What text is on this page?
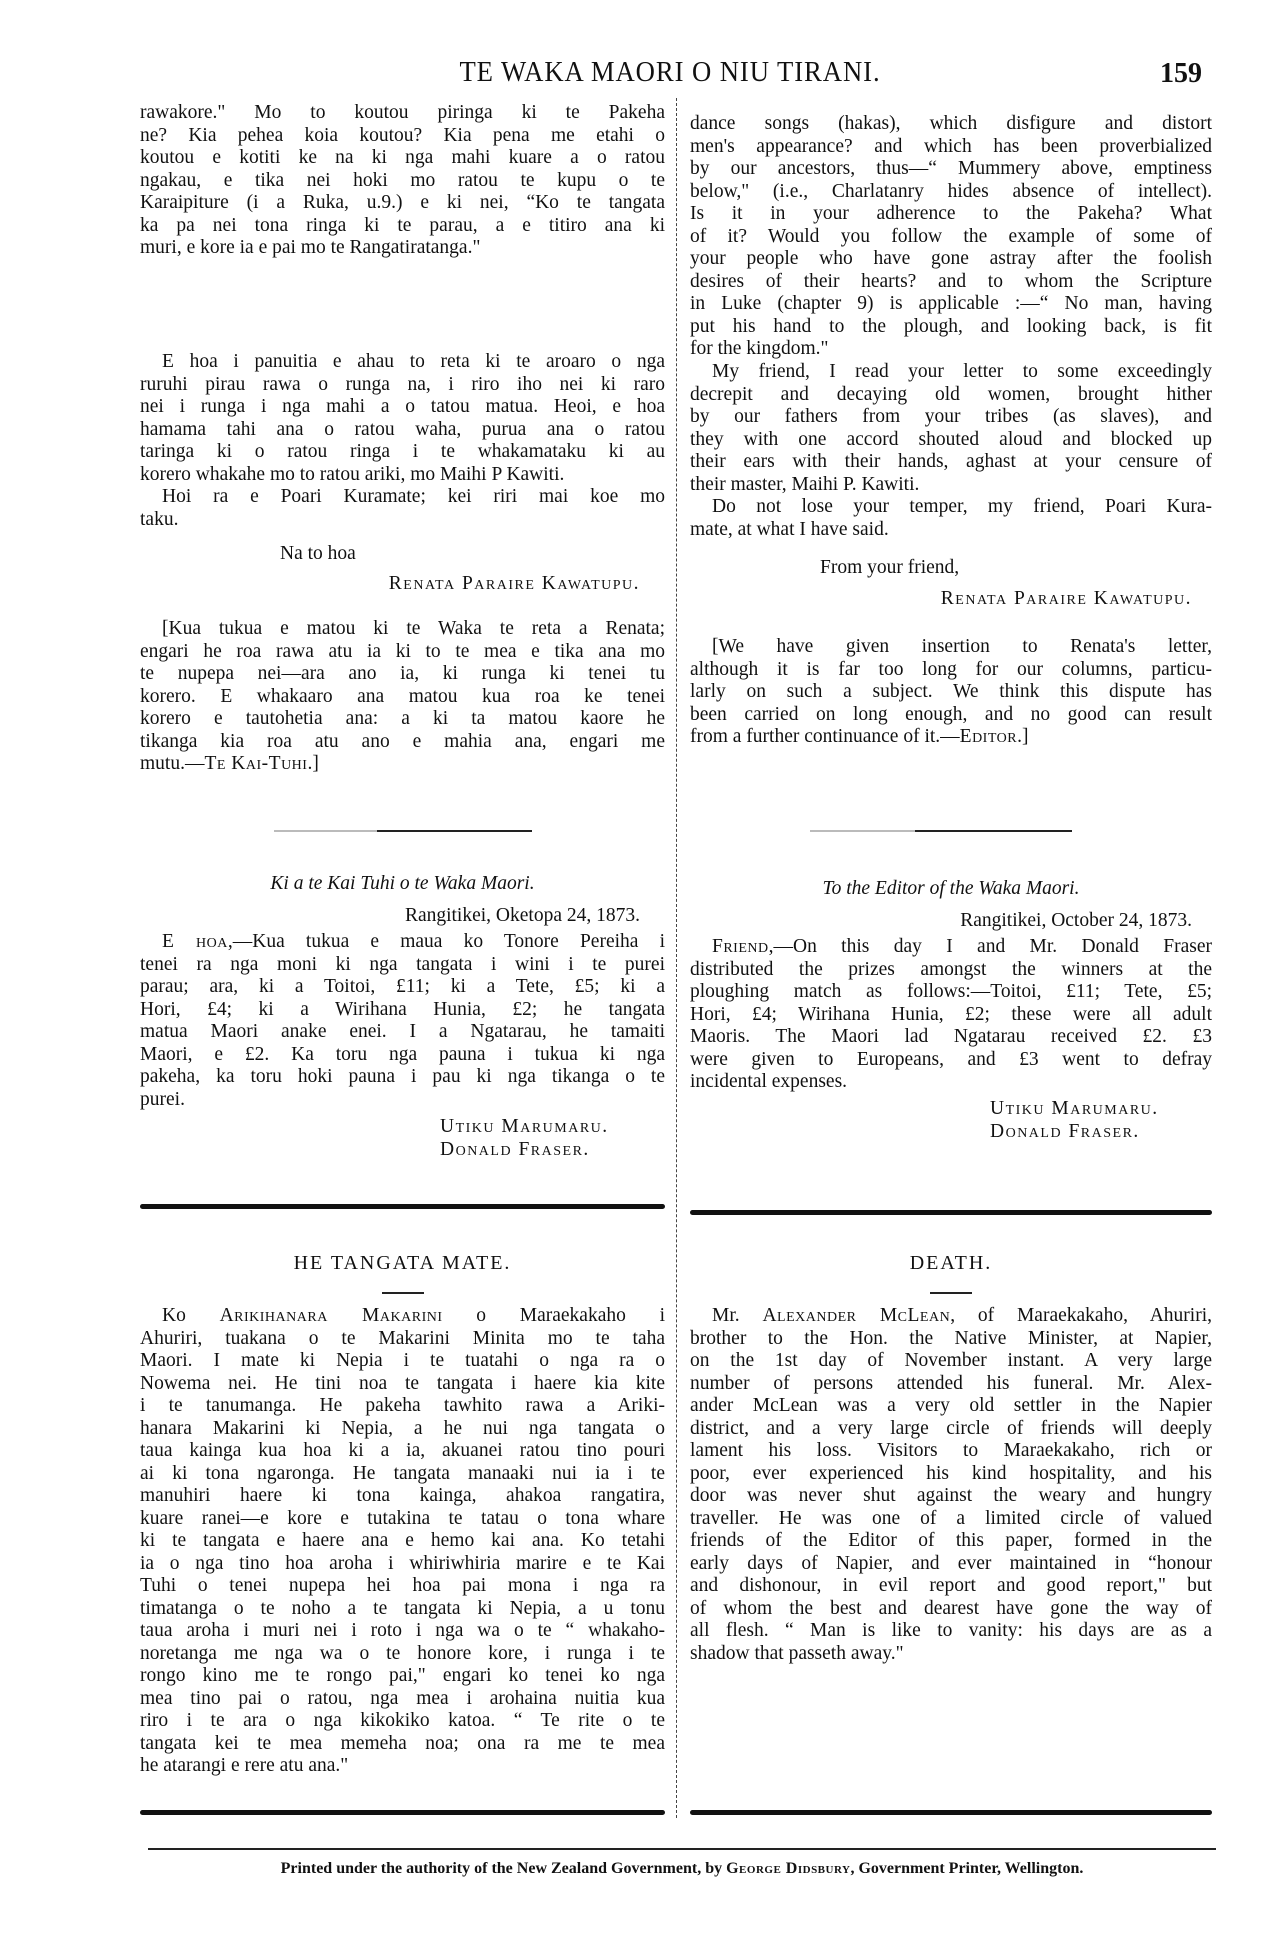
TE WAKA MAORI O NIU TIRANI.	159
rawakore." Mo to koutou piringa ki te Pakeha
ne? Kia pehea koia koutou? Kia pena me etahi o
koutou e kotiti ke na ki nga mahi kuare a o ratou
ngakau, e tika nei hoki mo ratou te kupu o te
Karaipiture (i a Ruka, u.9.) e ki nei, “Ko te tangata
ka pa nei tona ringa ki te parau, a e titiro ana ki
muri, e kore ia e pai mo te Rangatiratanga."
E hoa i panuitia e ahau to reta ki te aroaro o nga
ruruhi pirau rawa o runga na, i riro iho nei ki raro
nei i runga i nga mahi a o tatou matua. Heoi, e hoa
hamama tahi ana o ratou waha, purua ana o ratou
taringa ki o ratou ringa i te whakamataku ki au
korero whakahe mo to ratou ariki, mo Maihi P Kawiti.
Hoi ra e Poari Kuramate; kei riri mai koe mo
taku.
Na to hoa
Renata Paraire Kawatupu.
[Kua tukua e matou ki te Waka te reta a Renata;
engari he roa rawa atu ia ki to te mea e tika ana mo
te nupepa nei—ara ano ia, ki runga ki tenei tu
korero. E whakaaro ana matou kua roa ke tenei
korero e tautohetia ana: a ki ta matou kaore he
tikanga kia roa atu ano e mahia ana, engari me
mutu.—Te Kai-Tuhi.]
Ki a te Kai Tuhi o te Waka Maori.
Rangitikei, Oketopa 24, 1873.
E hoa,—Kua tukua e maua ko Tonore Pereiha i
tenei ra nga moni ki nga tangata i wini i te purei
parau; ara, ki a Toitoi, £11; ki a Tete, £5; ki a
Hori, £4; ki a Wirihana Hunia, £2; he tangata
matua Maori anake enei. I a Ngatarau, he tamaiti
Maori, e £2. Ka toru nga pauna i tukua ki nga
pakeha, ka toru hoki pauna i pau ki nga tikanga o te
purei.
Utiku Marumaru.
Donald Fraser.
HE TANGATA MATE.
Ko Arikihanara Makarini o Maraekakaho i
Ahuriri, tuakana o te Makarini Minita mo te taha
Maori. I mate ki Nepia i te tuatahi o nga ra o
Nowema nei. He tini noa te tangata i haere kia kite
i te tanumanga. He pakeha tawhito rawa a Ariki-
hanara Makarini ki Nepia, a he nui nga tangata o
taua kainga kua hoa ki a ia, akuanei ratou tino pouri
ai ki tona ngaronga. He tangata manaaki nui ia i te
manuhiri haere ki tona kainga, ahakoa rangatira,
kuare ranei—e kore e tutakina te tatau o tona whare
ki te tangata e haere ana e hemo kai ana. Ko tetahi
ia o nga tino hoa aroha i whiriwhiria marire e te Kai
Tuhi o tenei nupepa hei hoa pai mona i nga ra
timatanga o te noho a te tangata ki Nepia, a u tonu
taua aroha i muri nei i roto i nga wa o te “ whakaho-
noretanga me nga wa o te honore kore, i runga i te
rongo kino me te rongo pai," engari ko tenei ko nga
mea tino pai o ratou, nga mea i arohaina nuitia kua
riro i te ara o nga kikokiko katoa. “ Te rite o te
tangata kei te mea memeha noa; ona ra me te mea
he atarangi e rere atu ana."
dance songs (hakas), which disfigure and distort
men's appearance? and which has been proverbialized
by our ancestors, thus—“ Mummery above, emptiness
below," (i.e., Charlatanry hides absence of intellect).
Is it in your adherence to the Pakeha? What
of it? Would you follow the example of some of
your people who have gone astray after the foolish
desires of their hearts? and to whom the Scripture
in Luke (chapter 9) is applicable :—“ No man, having
put his hand to the plough, and looking back, is fit
for the kingdom."
My friend, I read your letter to some exceedingly
decrepit and decaying old women, brought hither
by our fathers from your tribes (as slaves), and
they with one accord shouted aloud and blocked up
their ears with their hands, aghast at your censure of
their master, Maihi P. Kawiti.
Do not lose your temper, my friend, Poari Kura-
mate, at what I have said.
From your friend,
Renata Paraire Kawatupu.
[We have given insertion to Renata's letter,
although it is far too long for our columns, particu-
larly on such a subject. We think this dispute has
been carried on long enough, and no good can result
from a further continuance of it.—Editor.]
To the Editor of the Waka Maori.
Rangitikei, October 24, 1873.
Friend,—On this day I and Mr. Donald Fraser
distributed the prizes amongst the winners at the
ploughing match as follows:—Toitoi, £11; Tete, £5;
Hori, £4; Wirihana Hunia, £2; these were all adult
Maoris. The Maori lad Ngatarau received £2. £3
were given to Europeans, and £3 went to defray
incidental expenses.
Utiku Marumaru.
Donald Fraser.
DEATH.
Mr. Alexander McLean, of Maraekakaho, Ahuriri,
brother to the Hon. the Native Minister, at Napier,
on the 1st day of November instant. A very large
number of persons attended his funeral. Mr. Alex-
ander McLean was a very old settler in the Napier
district, and a very large circle of friends will deeply
lament his loss. Visitors to Maraekakaho, rich or
poor, ever experienced his kind hospitality, and his
door was never shut against the weary and hungry
traveller. He was one of a limited circle of valued
friends of the Editor of this paper, formed in the
early days of Napier, and ever maintained in “honour
and dishonour, in evil report and good report," but
of whom the best and dearest have gone the way of
all flesh. “ Man is like to vanity: his days are as a
shadow that passeth away."
Printed under the authority of the New Zealand Government, by George Didsbury, Government Printer, Wellington.
